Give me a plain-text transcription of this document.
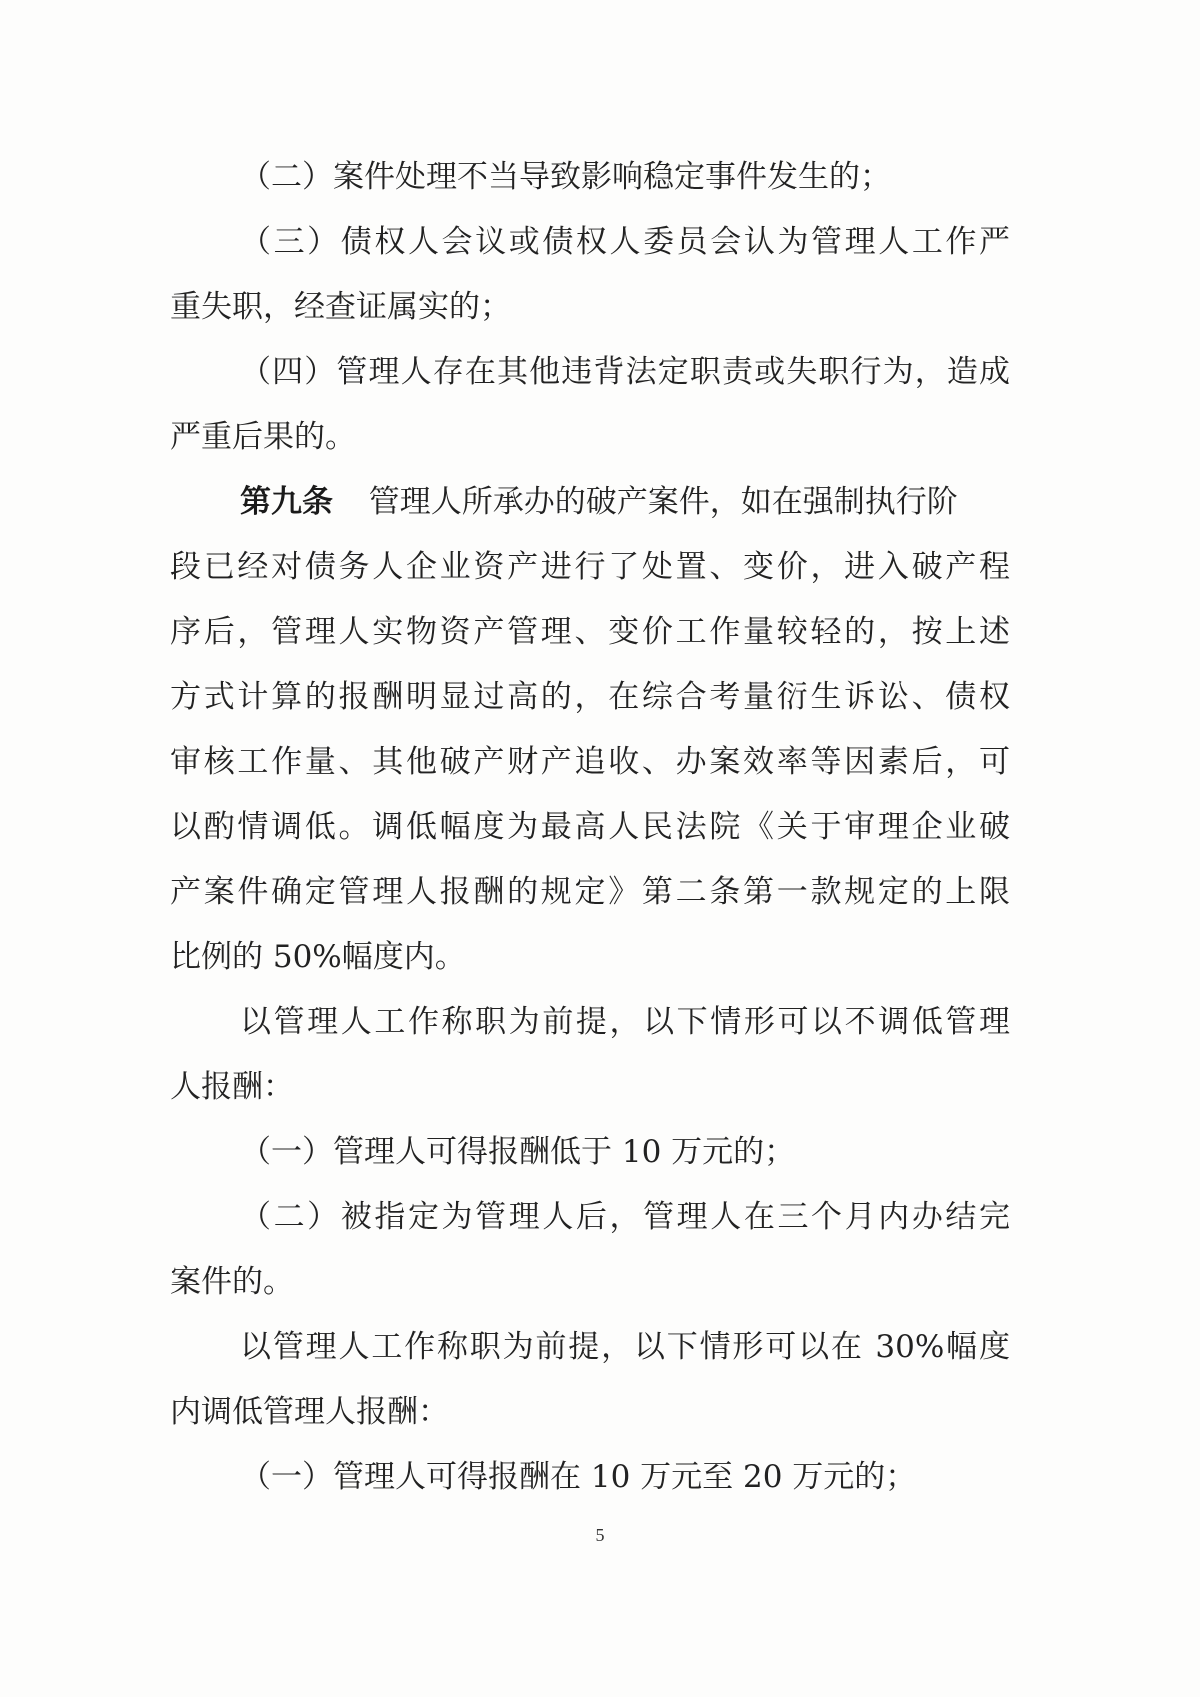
（二）案件处理不当导致影响稳定事件发生的；
（三）债权人会议或债权人委员会认为管理人工作严
重失职，经查证属实的；
（四）管理人存在其他违背法定职责或失职行为，造成
严重后果的。
第九条 管理人所承办的破产案件，如在强制执行阶
段已经对债务人企业资产进行了处置、变价，进入破产程
序后，管理人实物资产管理、变价工作量较轻的，按上述
方式计算的报酬明显过高的，在综合考量衍生诉讼、债权
审核工作量、其他破产财产追收、办案效率等因素后，可
以酌情调低。调低幅度为最高人民法院《关于审理企业破
产案件确定管理人报酬的规定》第二条第一款规定的上限
比例的 50%幅度内。
以管理人工作称职为前提，以下情形可以不调低管理
人报酬：
（一）管理人可得报酬低于 10 万元的；
（二）被指定为管理人后，管理人在三个月内办结完
案件的。
以管理人工作称职为前提，以下情形可以在 30%幅度
内调低管理人报酬：
（一）管理人可得报酬在 10 万元至 20 万元的；
5
